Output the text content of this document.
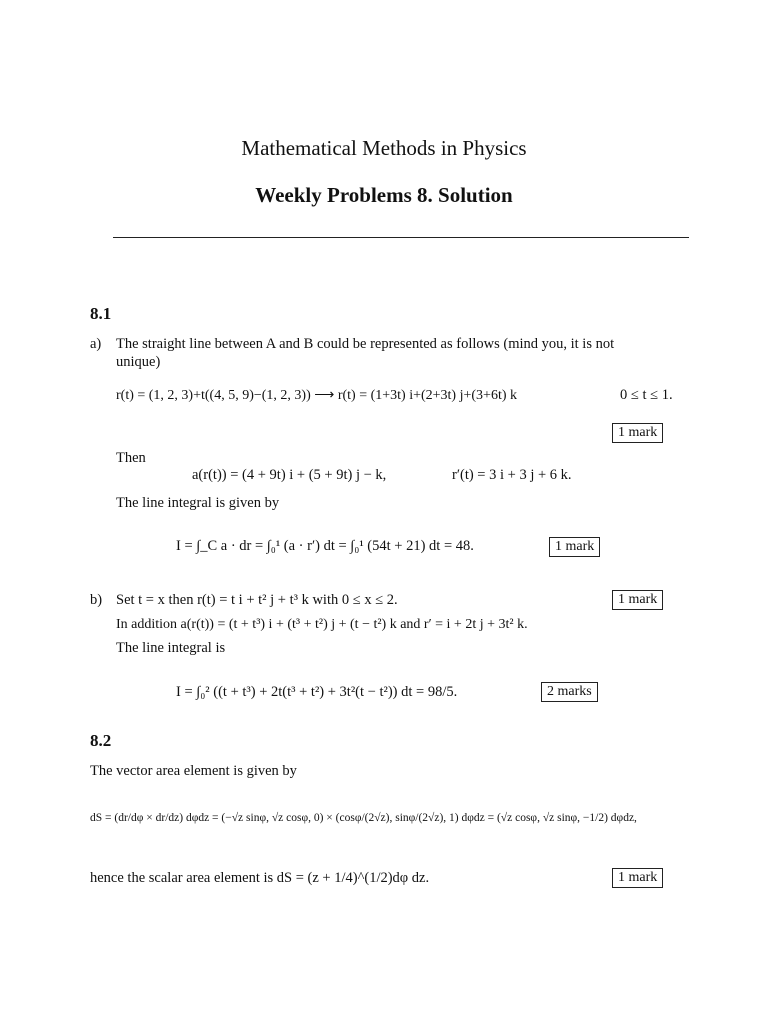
Mathematical Methods in Physics
Weekly Problems 8. Solution
8.1
a) The straight line between A and B could be represented as follows (mind you, it is not
unique)
r(t) = (1, 2, 3)+t((4, 5, 9)−(1, 2, 3)) ⟶ r(t) = (1+3t) i+(2+3t) j+(3+6t) k	0 ≤ t ≤ 1.
1 mark
Then
a(r(t)) = (4 + 9t) i + (5 + 9t) j − k,	r′(t) = 3 i + 3 j + 6 k.
The line integral is given by
I = ∫_C a · dr = ∫₀¹ (a · r′) dt = ∫₀¹ (54t + 21) dt = 48.	1 mark
b) Set t = x then r(t) = t i + t² j + t³ k with 0 ≤ x ≤ 2.	1 mark
In addition a(r(t)) = (t + t³) i + (t³ + t²) j + (t − t²) k and r′ = i + 2t j + 3t² k.
The line integral is
I = ∫₀² ((t + t³) + 2t(t³ + t²) + 3t²(t − t²)) dt = 98/5.	2 marks
8.2
The vector area element is given by
dS = (dr/dφ × dr/dz) dφdz = (−√z sinφ, √z cosφ, 0) × (cosφ/(2√z), sinφ/(2√z), 1) dφdz = (√z cosφ, √z sinφ, −1/2) dφdz,
hence the scalar area element is dS = (z + 1/4)^(1/2)dφ dz.	1 mark
